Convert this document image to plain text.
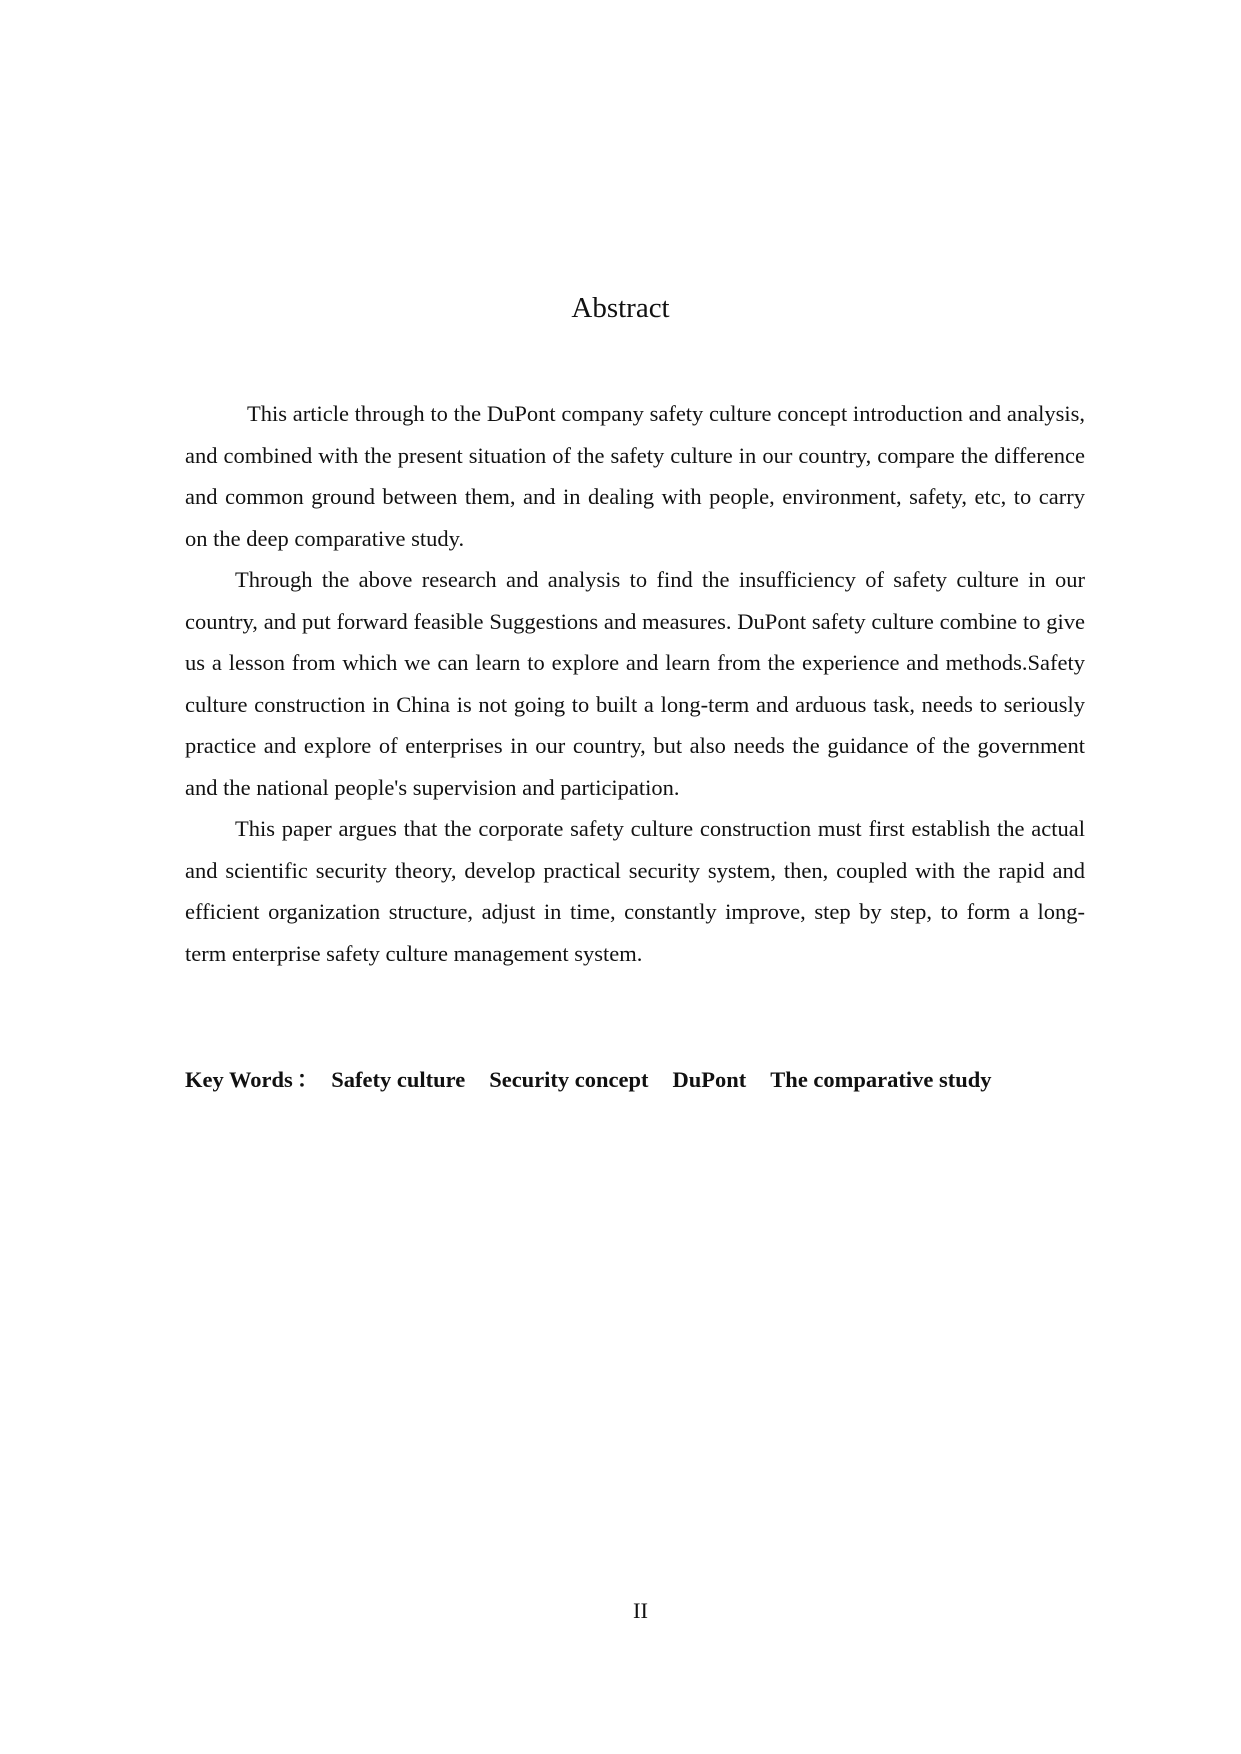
Abstract

This article through to the DuPont company safety culture concept introduction and analysis, and combined with the present situation of the safety culture in our country, compare the difference and common ground between them, and in dealing with people, environment, safety, etc, to carry on the deep comparative study.

Through the above research and analysis to find the insufficiency of safety culture in our country, and put forward feasible Suggestions and measures. DuPont safety culture combine to give us a lesson from which we can learn to explore and learn from the experience and methods.Safety culture construction in China is not going to built a long-term and arduous task, needs to seriously practice and explore of enterprises in our country, but also needs the guidance of the government and the national people's supervision and participation.

This paper argues that the corporate safety culture construction must first establish the actual and scientific security theory, develop practical security system, then, coupled with the rapid and efficient organization structure, adjust in time, constantly improve, step by step, to form a long-term enterprise safety culture management system.

Key Words ： Safety culture Security concept DuPont The comparative study
II
